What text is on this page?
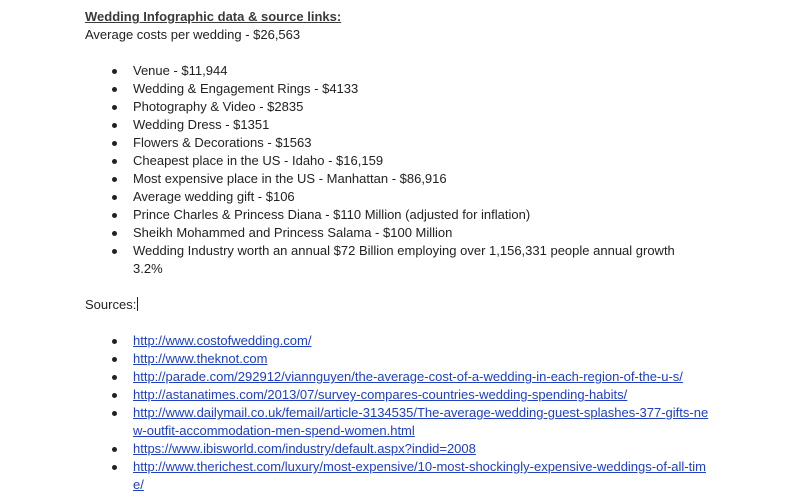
Wedding Infographic data & source links:
Average costs per wedding - $26,563
Venue - $11,944
Wedding & Engagement Rings - $4133
Photography & Video - $2835
Wedding Dress - $1351
Flowers & Decorations - $1563
Cheapest place in the US - Idaho - $16,159
Most expensive place in the US - Manhattan - $86,916
Average wedding gift - $106
Prince Charles & Princess Diana - $110 Million (adjusted for inflation)
Sheikh Mohammed and Princess Salama - $100 Million
Wedding Industry worth an annual $72 Billion employing over 1,156,331 people annual growth 3.2%
Sources:
http://www.costofwedding.com/
http://www.theknot.com
http://parade.com/292912/viannguyen/the-average-cost-of-a-wedding-in-each-region-of-the-u-s/
http://astanatimes.com/2013/07/survey-compares-countries-wedding-spending-habits/
http://www.dailymail.co.uk/femail/article-3134535/The-average-wedding-guest-splashes-377-gifts-new-outfit-accommodation-men-spend-women.html
https://www.ibisworld.com/industry/default.aspx?indid=2008
http://www.therichest.com/luxury/most-expensive/10-most-shockingly-expensive-weddings-of-all-time/
